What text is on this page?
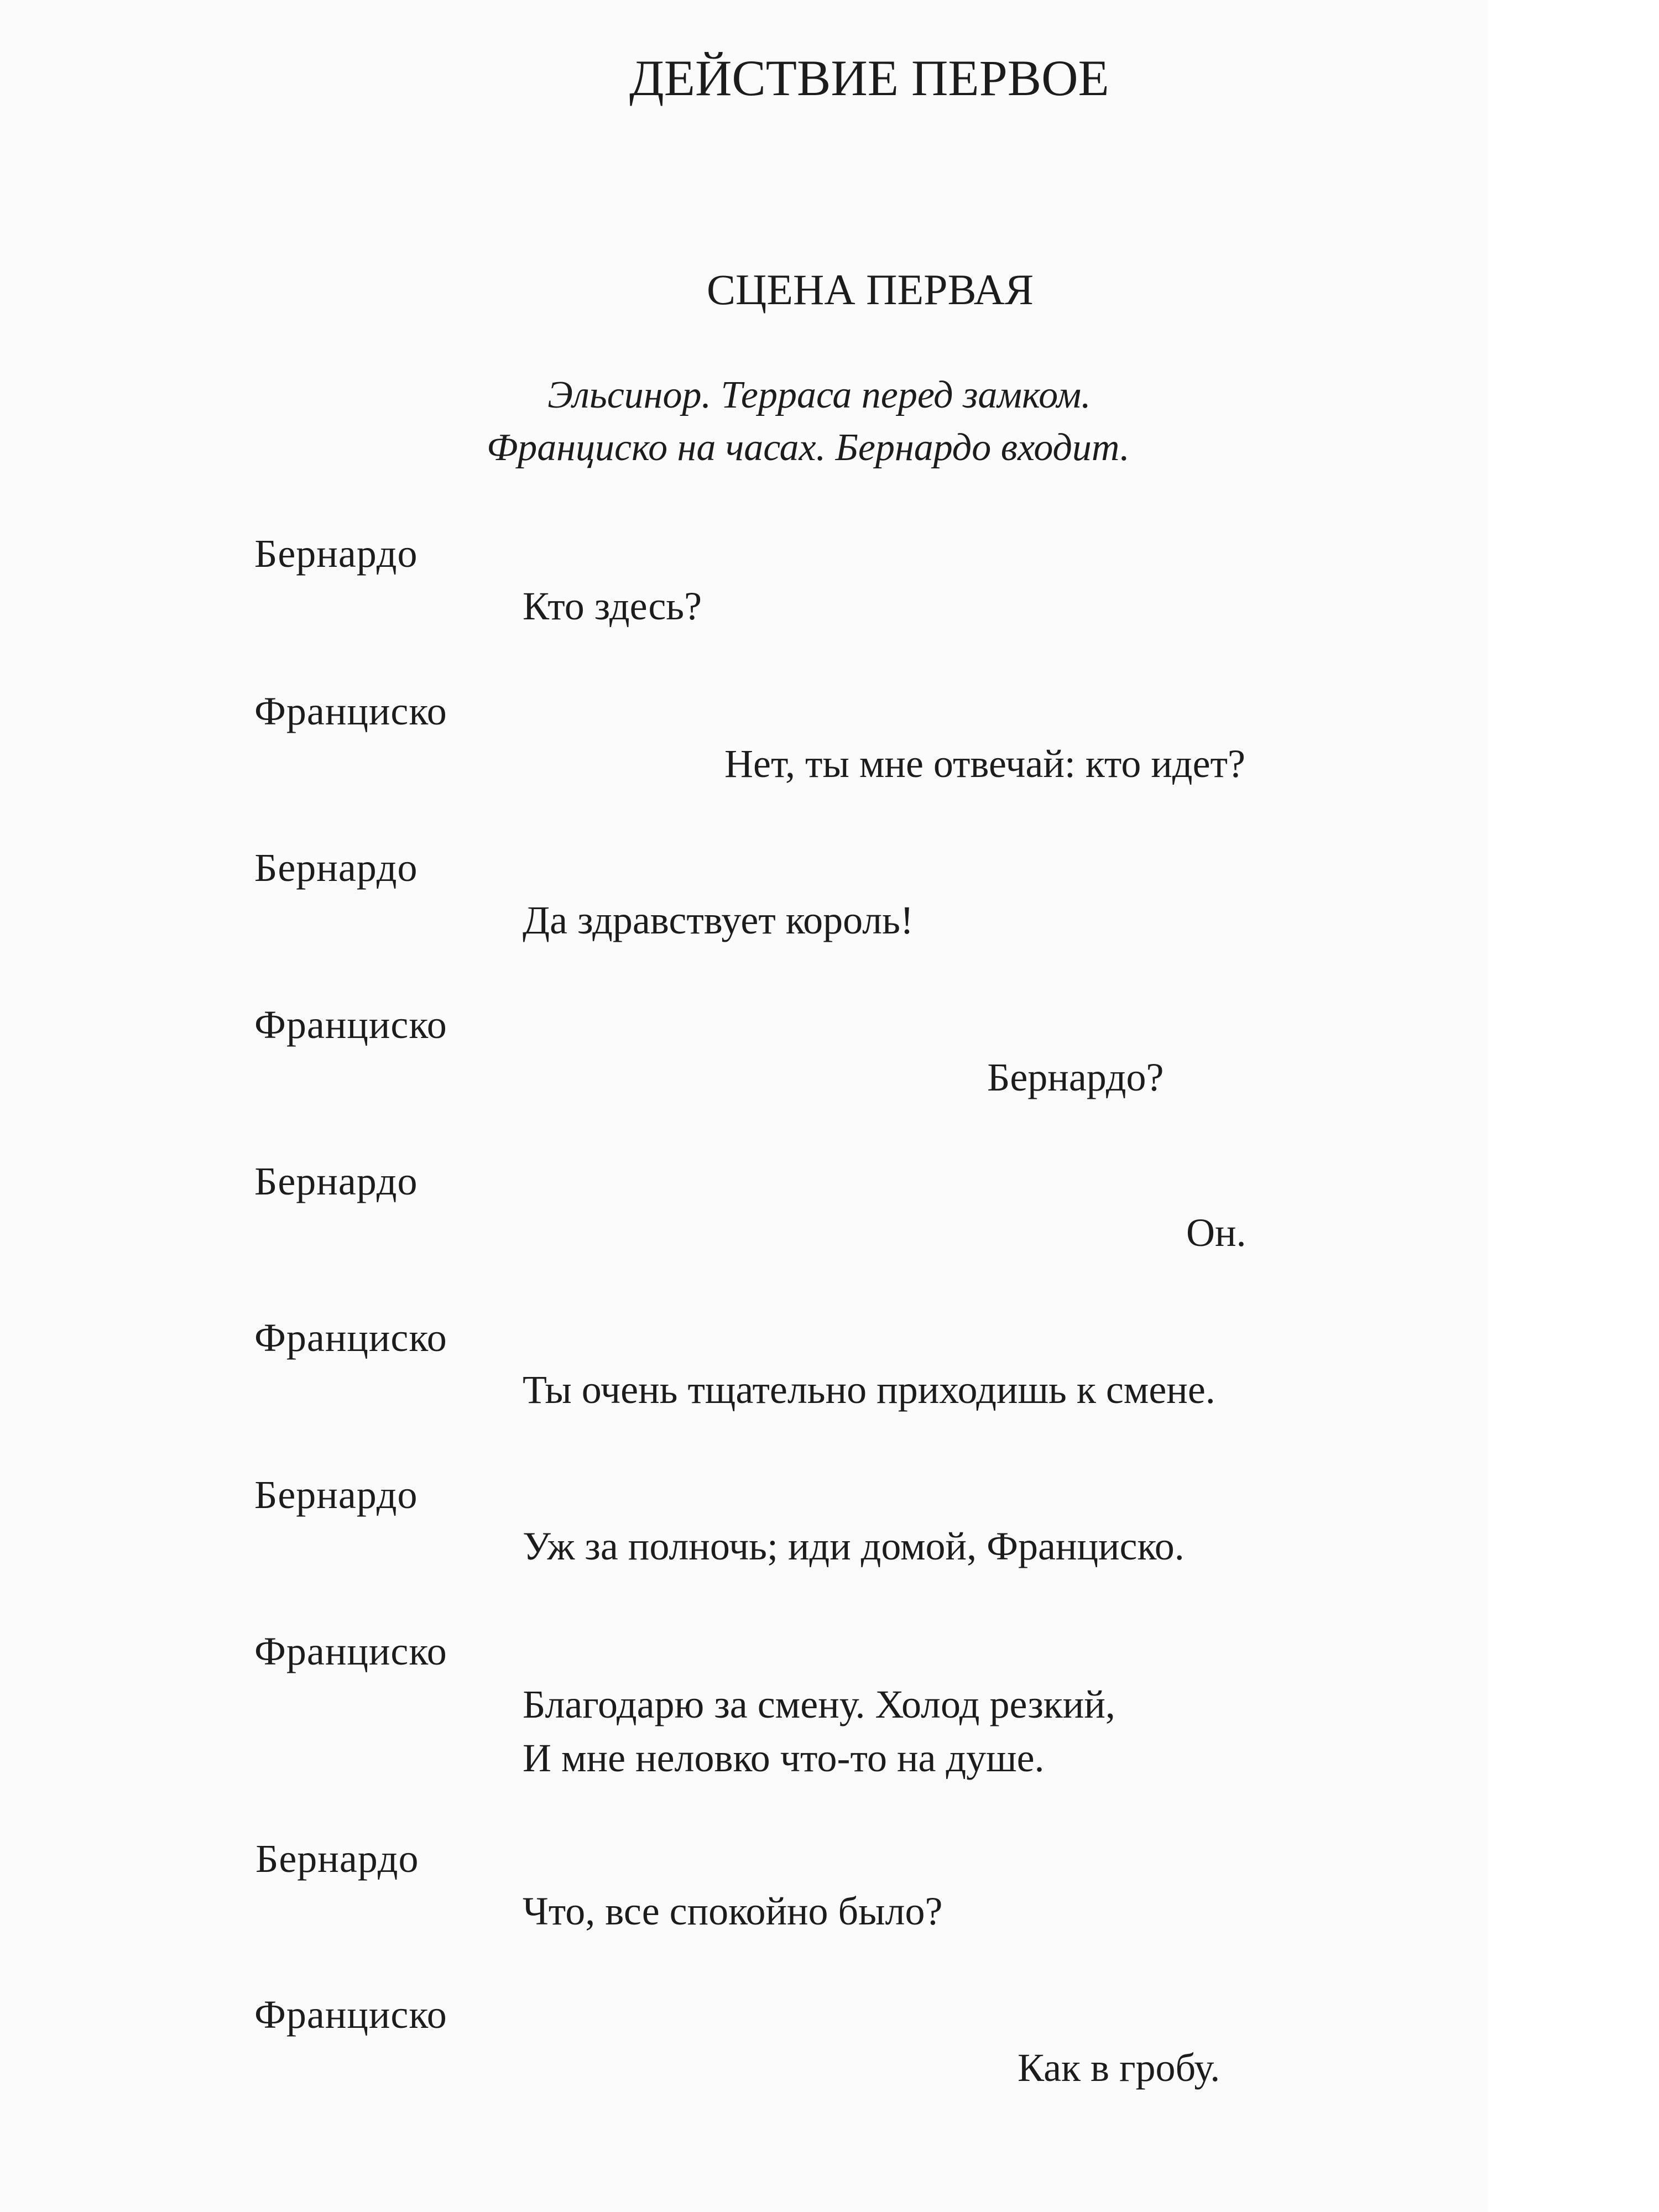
ДЕЙСТВИЕ ПЕРВОЕ
СЦЕНА ПЕРВАЯ
Эльсинор. Терраса перед замком.
Франциско на часах. Бернардо входит.
Бернардо
Кто здесь?
Франциско
Нет, ты мне отвечай: кто идет?
Бернардо
Да здравствует король!
Франциско
Бернардо?
Бернардо
Он.
Франциско
Ты очень тщательно приходишь к смене.
Бернардо
Уж за полночь; иди домой, Франциско.
Франциско
Благодарю за смену. Холод резкий,
И мне неловко что-то на душе.
Бернардо
Что, все спокойно было?
Франциско
Как в гробу.
